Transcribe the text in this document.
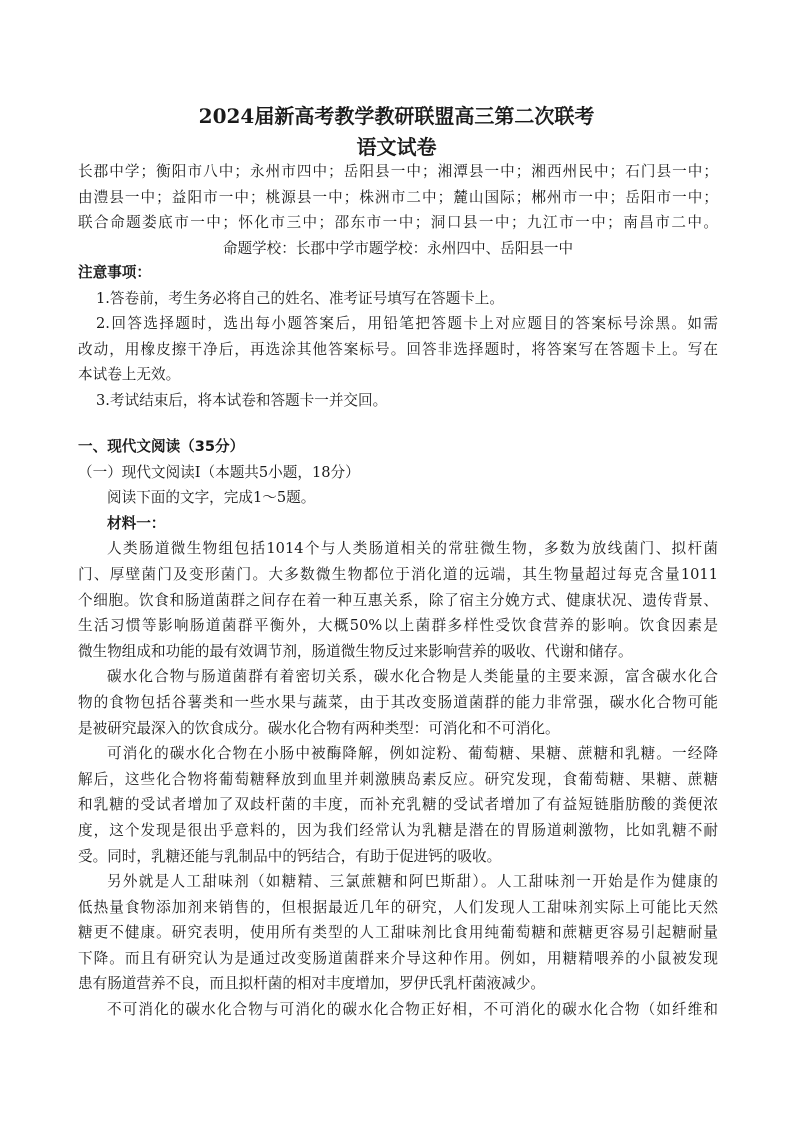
2024届新高考教学教研联盟高三第二次联考
语文试卷
长郡中学；衡阳市八中；永州市四中；岳阳县一中；湘潭县一中；湘西州民中；石门县一中；
由澧县一中；益阳市一中；桃源县一中；株洲市二中；麓山国际；郴州市一中；岳阳市一中；
联合命题娄底市一中；怀化市三中；邵东市一中；洞口县一中；九江市一中；南昌市二中。
命题学校：长郡中学市题学校：永州四中、岳阳县一中
注意事项：
1.答卷前，考生务必将自己的姓名、准考证号填写在答题卡上。
2.回答选择题时，选出每小题答案后，用铅笔把答题卡上对应题目的答案标号涂黑。如需
改动，用橡皮擦干净后，再选涂其他答案标号。回答非选择题时，将答案写在答题卡上。写在
本试卷上无效。
3.考试结束后，将本试卷和答题卡一并交回。
一、现代文阅读（35分）
（一）现代文阅读Ⅰ（本题共5小题，18分）
阅读下面的文字，完成1～5题。
材料一：
人类肠道微生物组包括1014个与人类肠道相关的常驻微生物，多数为放线菌门、拟杆菌
门、厚壁菌门及变形菌门。大多数微生物都位于消化道的远端，其生物量超过每克含量1011
个细胞。饮食和肠道菌群之间存在着一种互惠关系，除了宿主分娩方式、健康状况、遗传背景、
生活习惯等影响肠道菌群平衡外，大概50%以上菌群多样性受饮食营养的影响。饮食因素是
微生物组成和功能的最有效调节剂，肠道微生物反过来影响营养的吸收、代谢和储存。
碳水化合物与肠道菌群有着密切关系，碳水化合物是人类能量的主要来源，富含碳水化合
物的食物包括谷薯类和一些水果与蔬菜，由于其改变肠道菌群的能力非常强，碳水化合物可能
是被研究最深入的饮食成分。碳水化合物有两种类型：可消化和不可消化。
可消化的碳水化合物在小肠中被酶降解，例如淀粉、葡萄糖、果糖、蔗糖和乳糖。一经降
解后，这些化合物将葡萄糖释放到血里并刺激胰岛素反应。研究发现，食葡萄糖、果糖、蔗糖
和乳糖的受试者增加了双歧杆菌的丰度，而补充乳糖的受试者增加了有益短链脂肪酸的粪便浓
度，这个发现是很出乎意料的，因为我们经常认为乳糖是潜在的胃肠道刺激物，比如乳糖不耐
受。同时，乳糖还能与乳制品中的钙结合，有助于促进钙的吸收。
另外就是人工甜味剂（如糖精、三氯蔗糖和阿巴斯甜）。人工甜味剂一开始是作为健康的
低热量食物添加剂来销售的，但根据最近几年的研究，人们发现人工甜味剂实际上可能比天然
糖更不健康。研究表明，使用所有类型的人工甜味剂比食用纯葡萄糖和蔗糖更容易引起糖耐量
下降。而且有研究认为是通过改变肠道菌群来介导这种作用。例如，用糖精喂养的小鼠被发现
患有肠道营养不良，而且拟杆菌的相对丰度增加，罗伊氏乳杆菌液减少。
不可消化的碳水化合物与可消化的碳水化合物正好相，不可消化的碳水化合物（如纤维和
